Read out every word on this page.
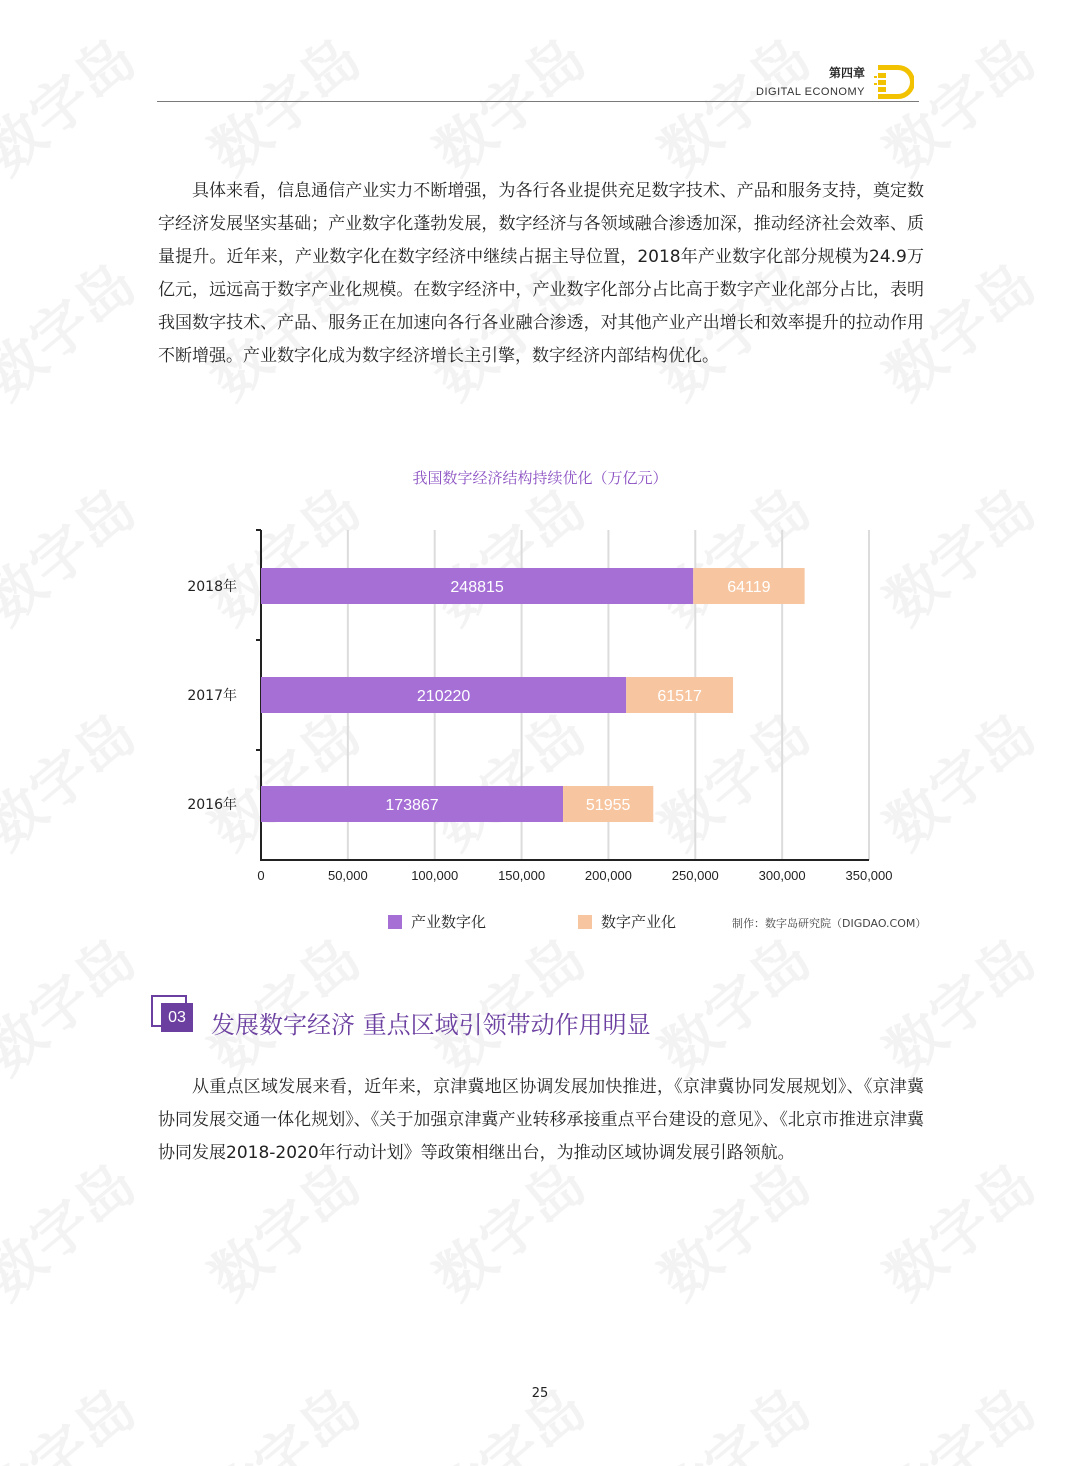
第四章
DIGITAL ECONOMY

具体来看，信息通信产业实力不断增强，为各行各业提供充足数字技术、产品和服务支持，奠定数字经济发展坚实基础；产业数字化蓬勃发展，数字经济与各领域融合渗透加深，推动经济社会效率、质量提升。近年来，产业数字化在数字经济中继续占据主导位置，2018年产业数字化部分规模为24.9万亿元，远远高于数字产业化规模。在数字经济中，产业数字化部分占比高于数字产业化部分占比，表明我国数字技术、产品、服务正在加速向各行各业融合渗透，对其他产业产出增长和效率提升的拉动作用不断增强。产业数字化成为数字经济增长主引擎，数字经济内部结构优化。

我国数字经济结构持续优化（万亿元）
0	50,000	100,000	150,000	200,000	250,000	300,000	350,000
2018年	248815	64119
2017年	210220	61517
2016年	173867	51955
产业数字化	数字产业化	制作：数字岛研究院（DIGDAO.COM）
03 发展数字经济 重点区域引领带动作用明显

从重点区域发展来看，近年来，京津冀地区协调发展加快推进，《京津冀协同发展规划》、《京津冀协同发展交通一体化规划》、《关于加强京津冀产业转移承接重点平台建设的意见》、《北京市推进京津冀协同发展2018-2020年行动计划》等政策相继出台，为推动区域协调发展引路领航。

25
